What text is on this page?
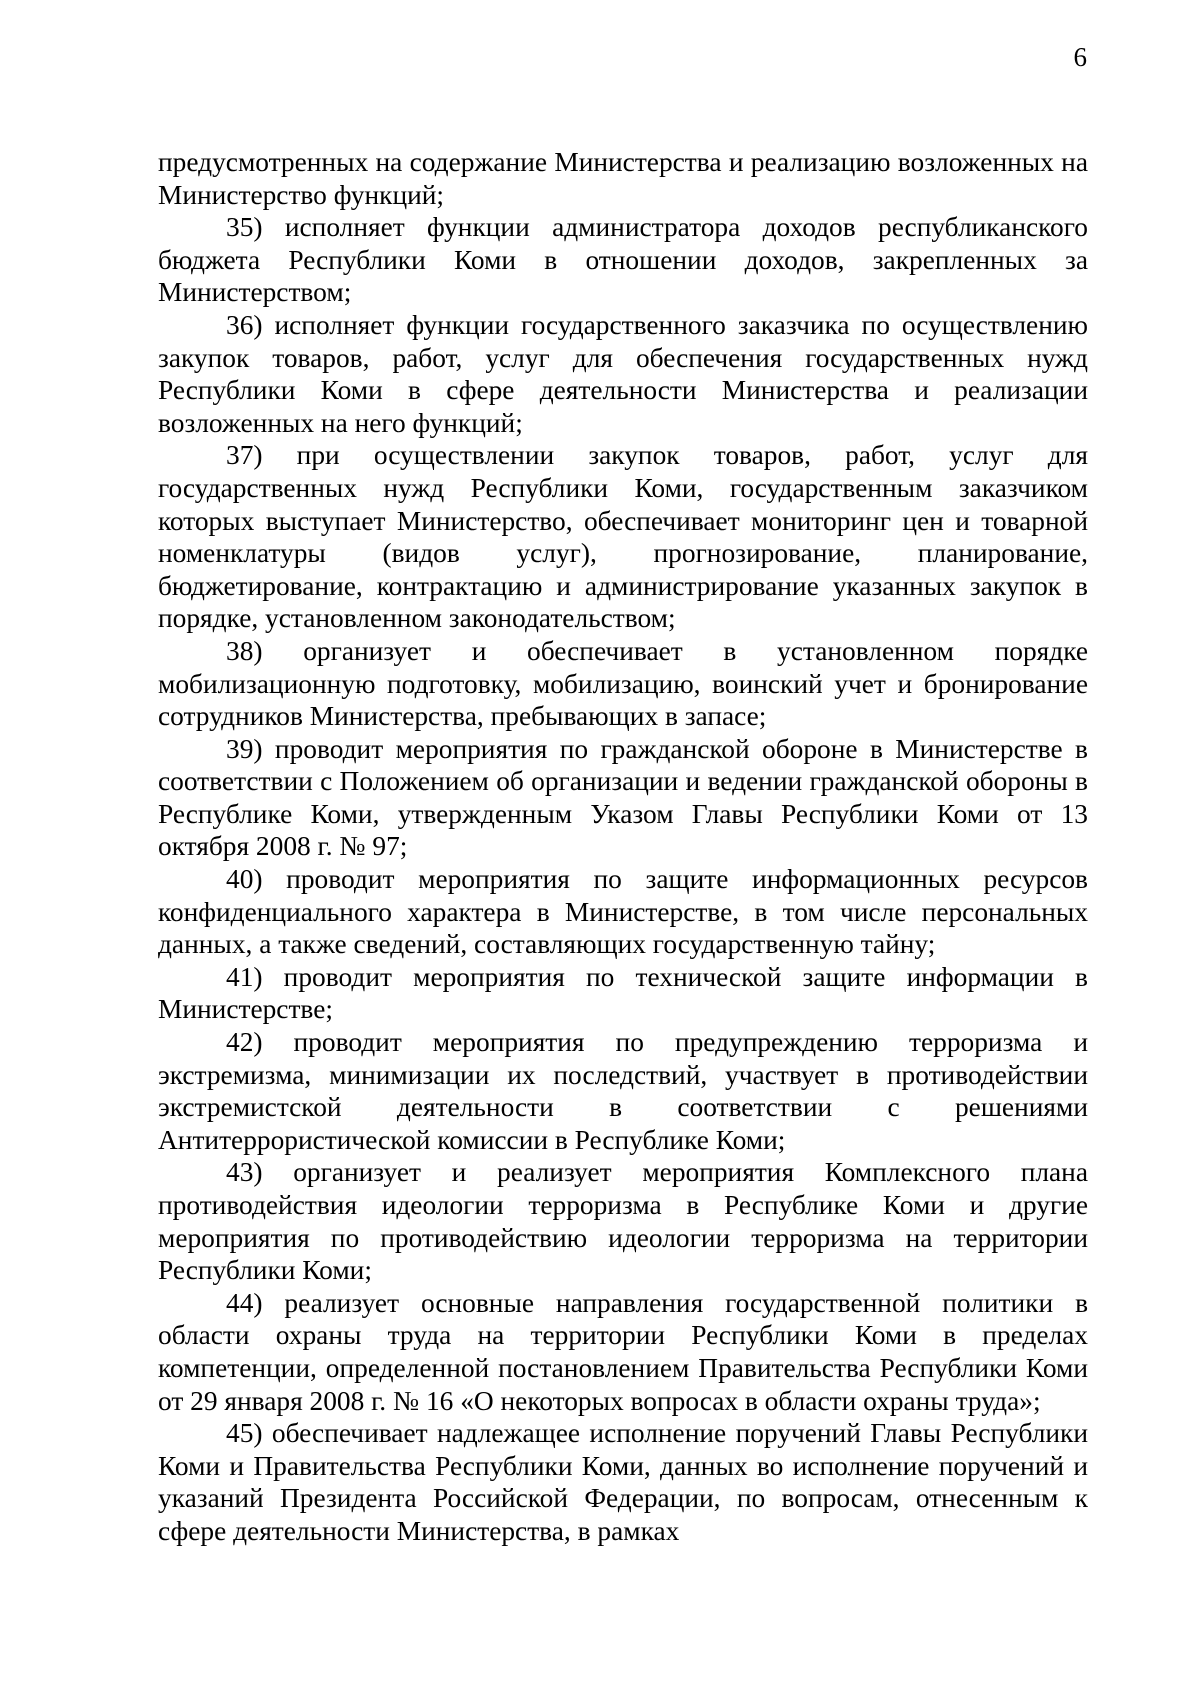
6

предусмотренных на содержание Министерства и реализацию возложенных на Министерство функций;

35) исполняет функции администратора доходов республиканского бюджета Республики Коми в отношении доходов, закрепленных за Министерством;

36) исполняет функции государственного заказчика по осуществлению закупок товаров, работ, услуг для обеспечения государственных нужд Республики Коми в сфере деятельности Министерства и реализации возложенных на него функций;

37) при осуществлении закупок товаров, работ, услуг для государственных нужд Республики Коми, государственным заказчиком которых выступает Министерство, обеспечивает мониторинг цен и товарной номенклатуры (видов услуг), прогнозирование, планирование, бюджетирование, контрактацию и администрирование указанных закупок в порядке, установленном законодательством;

38) организует и обеспечивает в установленном порядке мобилизационную подготовку, мобилизацию, воинский учет и бронирование сотрудников Министерства, пребывающих в запасе;

39) проводит мероприятия по гражданской обороне в Министерстве в соответствии с Положением об организации и ведении гражданской обороны в Республике Коми, утвержденным Указом Главы Республики Коми от 13 октября 2008 г. № 97;

40) проводит мероприятия по защите информационных ресурсов конфиденциального характера в Министерстве, в том числе персональных данных, а также сведений, составляющих государственную тайну;

41) проводит мероприятия по технической защите информации в Министерстве;

42) проводит мероприятия по предупреждению терроризма и экстремизма, минимизации их последствий, участвует в противодействии экстремистской деятельности в соответствии с решениями Антитеррористической комиссии в Республике Коми;

43) организует и реализует мероприятия Комплексного плана противодействия идеологии терроризма в Республике Коми и другие мероприятия по противодействию идеологии терроризма на территории Республики Коми;

44) реализует основные направления государственной политики в области охраны труда на территории Республики Коми в пределах компетенции, определенной постановлением Правительства Республики Коми от 29 января 2008 г. № 16 «О некоторых вопросах в области охраны труда»;

45) обеспечивает надлежащее исполнение поручений Главы Республики Коми и Правительства Республики Коми, данных во исполнение поручений и указаний Президента Российской Федерации, по вопросам, отнесенным к сфере деятельности Министерства, в рамках
